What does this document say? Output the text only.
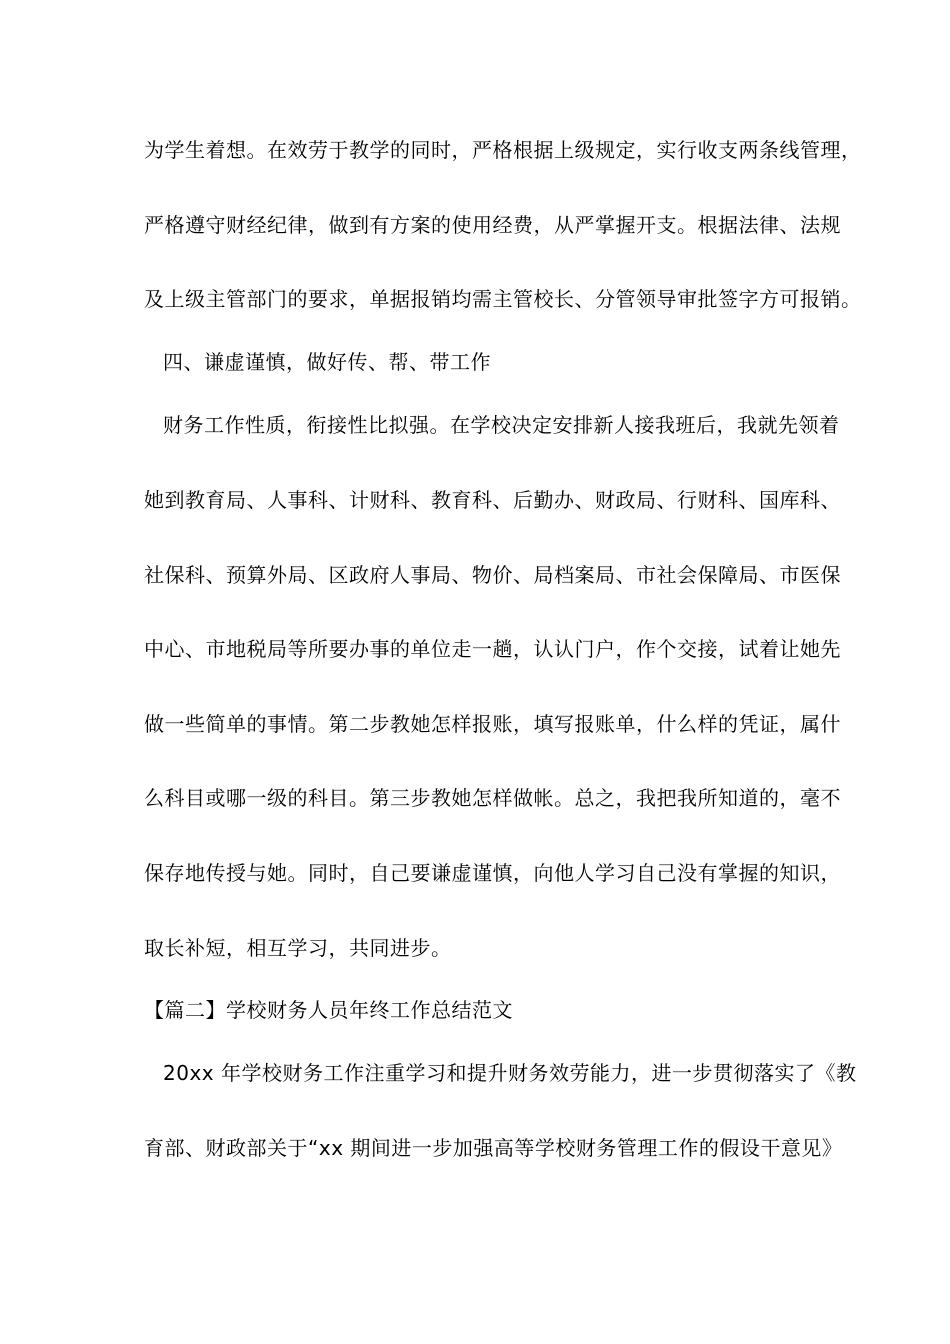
为学生着想。在效劳于教学的同时，严格根据上级规定，实行收支两条线管理，
严格遵守财经纪律，做到有方案的使用经费，从严掌握开支。根据法律、法规
及上级主管部门的要求，单据报销均需主管校长、分管领导审批签字方可报销。
四、谦虚谨慎，做好传、帮、带工作
财务工作性质，衔接性比拟强。在学校决定安排新人接我班后，我就先领着
她到教育局、人事科、计财科、教育科、后勤办、财政局、行财科、国库科、
社保科、预算外局、区政府人事局、物价、局档案局、市社会保障局、市医保
中心、市地税局等所要办事的单位走一趟，认认门户，作个交接，试着让她先
做一些简单的事情。第二步教她怎样报账，填写报账单，什么样的凭证，属什
么科目或哪一级的科目。第三步教她怎样做帐。总之，我把我所知道的，毫不
保存地传授与她。同时，自己要谦虚谨慎，向他人学习自己没有掌握的知识，
取长补短，相互学习，共同进步。
【篇二】学校财务人员年终工作总结范文
20xx 年学校财务工作注重学习和提升财务效劳能力，进一步贯彻落实了《教
育部、财政部关于“xx 期间进一步加强高等学校财务管理工作的假设干意见》
